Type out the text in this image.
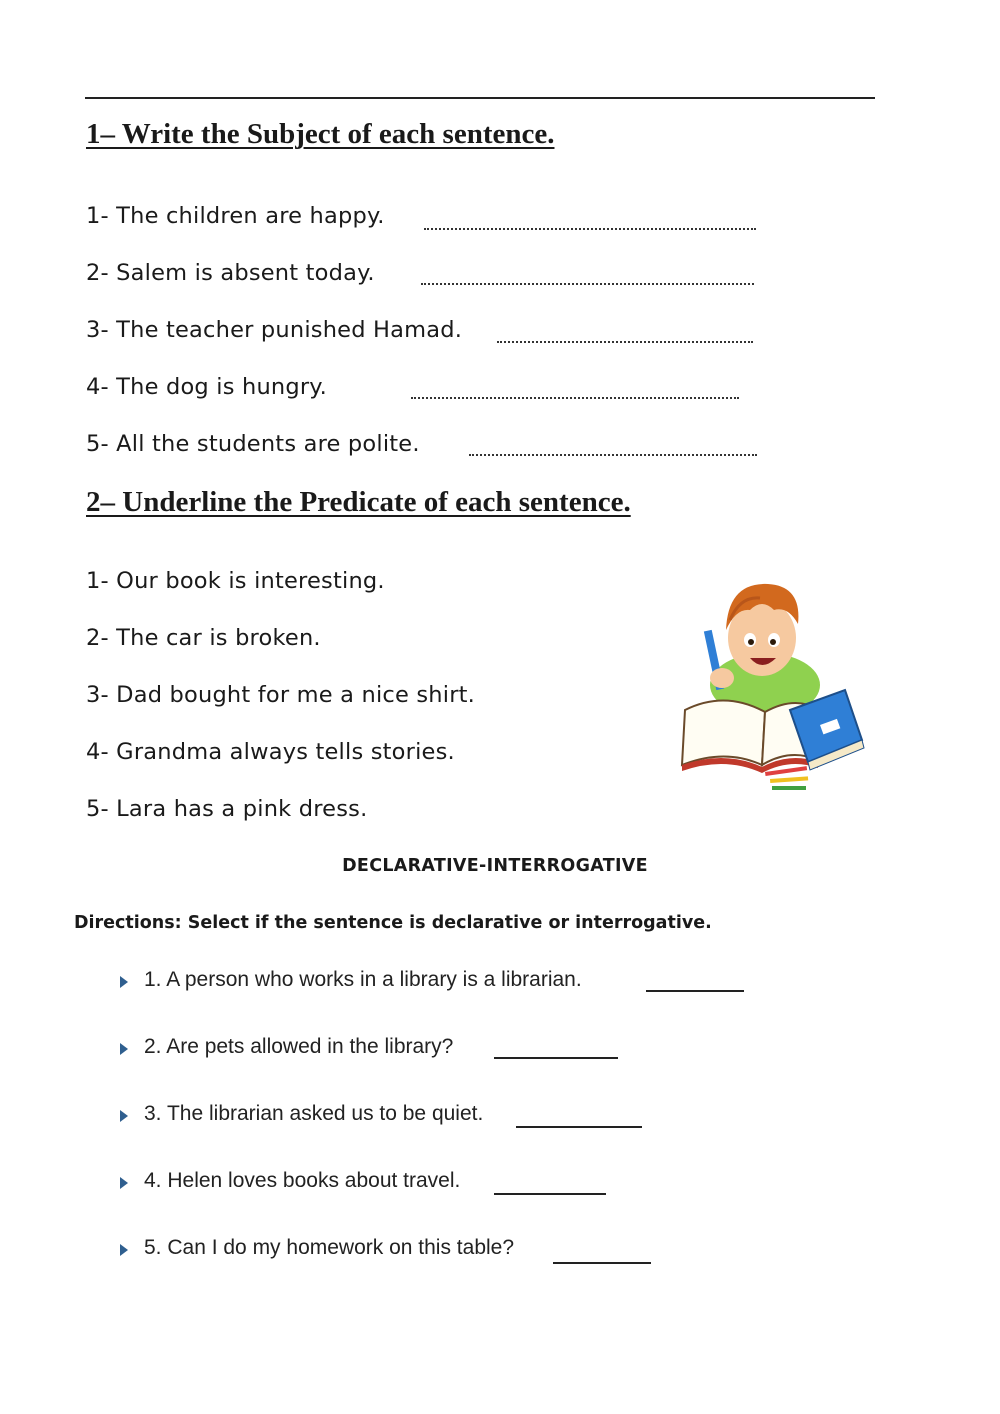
1– Write the Subject of each sentence.

1- The children are happy.

2- Salem is absent today.

3- The teacher punished Hamad.

4- The dog is hungry.

5- All the students are polite.

2– Underline the Predicate of each sentence.

1- Our book is interesting.

2- The car is broken.

3- Dad bought for me a nice shirt.

4- Grandma always tells stories.

5- Lara has a pink dress.

DECLARATIVE-INTERROGATIVE

Directions: Select if the sentence is declarative or interrogative.

1. A person who works in a library is a librarian.

2. Are pets allowed in the library?

3. The librarian asked us to be quiet.

4. Helen loves books about travel.

5. Can I do my homework on this table?
